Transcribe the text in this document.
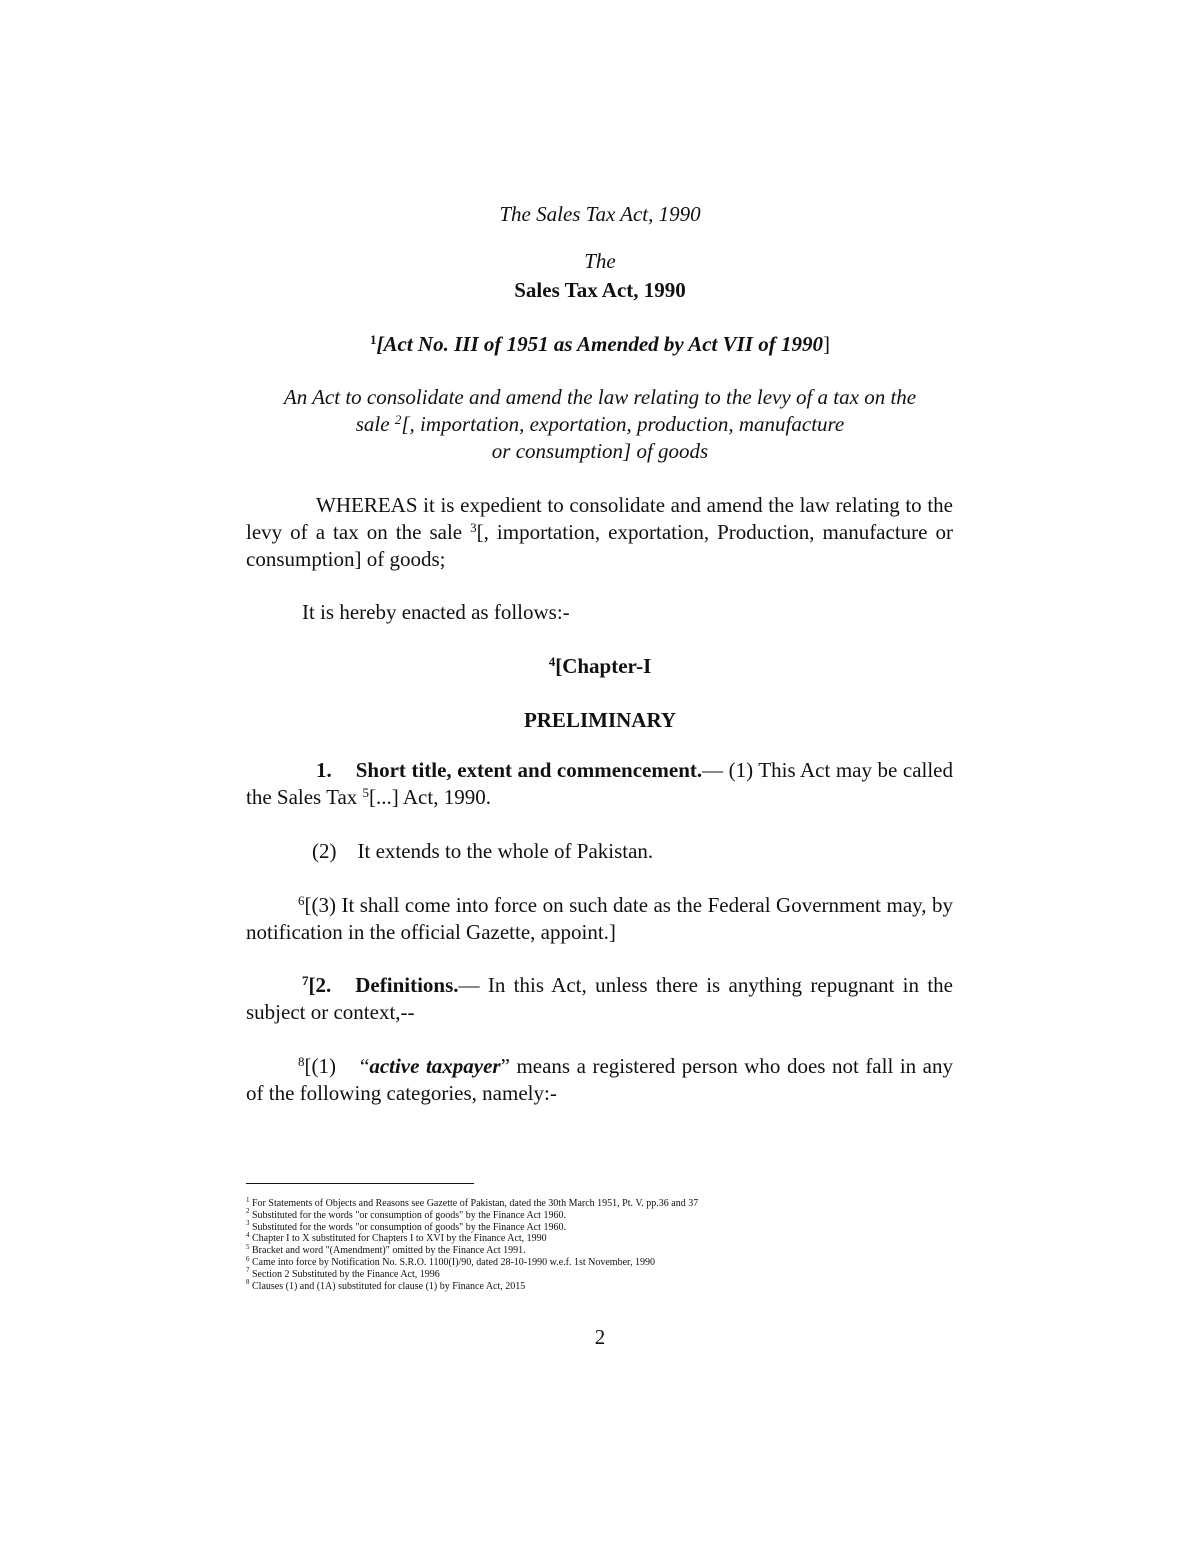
The Sales Tax Act, 1990
The
Sales Tax Act, 1990
$^1$[Act No. III of 1951 as Amended by Act VII of 1990]
An Act to consolidate and amend the law relating to the levy of a tax on the
sale $^2$[, importation, exportation, production, manufacture
or consumption] of goods
WHEREAS it is expedient to consolidate and amend the law relating to the levy of a tax on the sale $^3$[, importation, exportation, Production, manufacture or consumption] of goods;
It is hereby enacted as follows:-
$^4$[Chapter-I
PRELIMINARY
1. Short title, extent and commencement.— (1) This Act may be called the Sales Tax $^5$[...] Act, 1990.
(2)    It extends to the whole of Pakistan.
$^6$[(3) It shall come into force on such date as the Federal Government may, by notification in the official Gazette, appoint.]
$^7$[2. Definitions.— In this Act, unless there is anything repugnant in the subject or context,--
$^8$[(1) “active taxpayer” means a registered person who does not fall in any of the following categories, namely:-
$^1$ For Statements of Objects and Reasons see Gazette of Pakistan, dated the 30th March 1951, Pt. V. pp.36 and 37
$^2$ Substituted for the words "or consumption of goods" by the Finance Act 1960.
$^3$ Substituted for the words "or consumption of goods" by the Finance Act 1960.
$^4$ Chapter I to X substituted for Chapters I to XVI by the Finance Act, 1990
$^5$ Bracket and word "(Amendment)" omitted by the Finance Act 1991.
$^6$ Came into force by Notification No. S.R.O. 1100(I)/90, dated 28-10-1990 w.e.f. 1st November, 1990
$^7$ Section 2 Substituted by the Finance Act, 1996
$^8$ Clauses (1) and (1A) substituted for clause (1) by Finance Act, 2015
2
